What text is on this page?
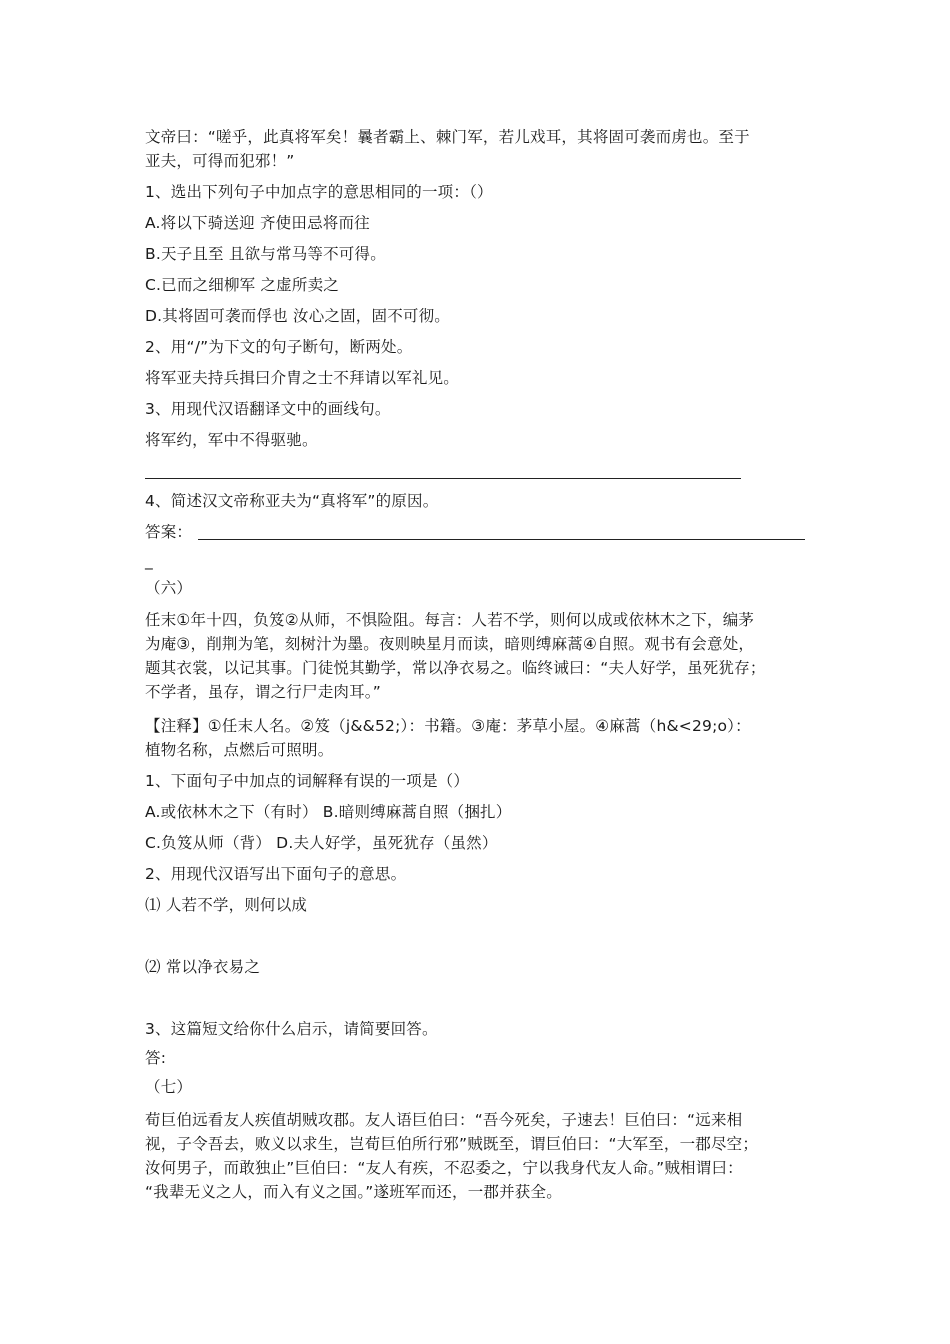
文帝曰：“嗟乎，此真将军矣！曩者霸上、棘门军，若儿戏耳，其将固可袭而虏也。至于
亚夫，可得而犯邪！”
1、选出下列句子中加点字的意思相同的一项：（）
A.将以下骑送迎 齐使田忌将而往
B.天子且至 且欲与常马等不可得。
C.已而之细柳军 之虚所卖之
D.其将固可袭而俘也 汝心之固，固不可彻。
2、用“/”为下文的句子断句，断两处。
将军亚夫持兵揖曰介胄之士不拜请以军礼见。
3、用现代汉语翻译文中的画线句。
将军约，军中不得驱驰。
4、简述汉文帝称亚夫为“真将军”的原因。
答案：
_
（六）
任末①年十四，负笈②从师，不惧险阻。每言：人若不学，则何以成或依林木之下，编茅
为庵③，削荆为笔，刻树汁为墨。夜则映星月而读，暗则缚麻蒿④自照。观书有会意处，
题其衣裳，以记其事。门徒悦其勤学，常以净衣易之。临终诫曰：“夫人好学，虽死犹存；
不学者，虽存，谓之行尸走肉耳。”
【注释】①任末人名。②笈（j&&52;）：书籍。③庵：茅草小屋。④麻蒿（h&<29;o）：
植物名称，点燃后可照明。
1、下面句子中加点的词解释有误的一项是（）
A.或依林木之下（有时） B.暗则缚麻蒿自照（捆扎）
C.负笈从师（背） D.夫人好学，虽死犹存（虽然）
2、用现代汉语写出下面句子的意思。
⑴ 人若不学，则何以成
⑵ 常以净衣易之
3、这篇短文给你什么启示，请简要回答。
答:
（七）
荀巨伯远看友人疾值胡贼攻郡。友人语巨伯曰：“吾今死矣，子速去！巨伯曰：“远来相
视，子令吾去，败义以求生，岂荀巨伯所行邪”贼既至，谓巨伯曰：“大军至，一郡尽空；
汝何男子，而敢独止”巨伯曰：“友人有疾，不忍委之，宁以我身代友人命。”贼相谓曰：
“我辈无义之人，而入有义之国。”遂班军而还，一郡并获全。
